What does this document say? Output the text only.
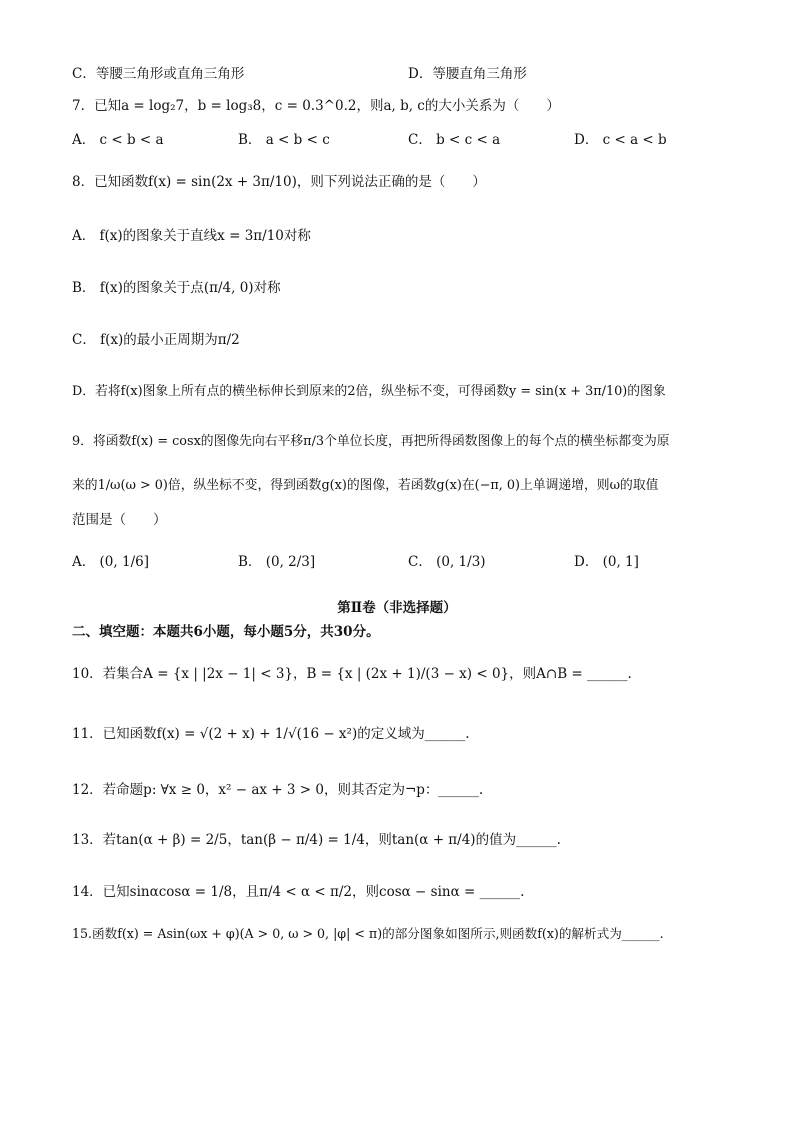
C．等腰三角形或直角三角形	D．等腰直角三角形
7．已知a = log₂7，b = log₃8，c = 0.3^0.2，则a, b, c的大小关系为（　　）
A． c < b < a	B． a < b < c	C． b < c < a	D． c < a < b
8．已知函数f(x) = sin(2x + 3π/10)，则下列说法正确的是（　　）
A． f(x)的图象关于直线x = 3π/10对称
B． f(x)的图象关于点(π/4, 0)对称
C． f(x)的最小正周期为π/2
D．若将f(x)图象上所有点的横坐标伸长到原来的2倍，纵坐标不变，可得函数y = sin(x + 3π/10)的图象
9．将函数f(x) = cosx的图像先向右平移π/3个单位长度，再把所得函数图像上的每个点的横坐标都变为原
来的1/ω(ω > 0)倍，纵坐标不变，得到函数g(x)的图像，若函数g(x)在(−π, 0)上单调递增，则ω的取值
范围是（　　）
A． (0, 1/6]	B． (0, 2/3]	C． (0, 1/3)	D． (0, 1]
第Ⅱ卷（非选择题）
二、填空题：本题共6小题，每小题5分，共30分。
10．若集合A = {x | |2x − 1| < 3}，B = {x | (2x + 1)/(3 − x) < 0}，则A∩B = ______.
11．已知函数f(x) = √(2 + x) + 1/√(16 − x²)的定义域为______.
12．若命题p: ∀x ≥ 0，x² − ax + 3 > 0，则其否定为¬p：______.
13．若tan(α + β) = 2/5，tan(β − π/4) = 1/4，则tan(α + π/4)的值为______.
14．已知sinαcosα = 1/8，且π/4 < α < π/2，则cosα − sinα = ______.
15.函数f(x) = Asin(ωx + φ)(A > 0, ω > 0, |φ| < π)的部分图象如图所示,则函数f(x)的解析式为______.
